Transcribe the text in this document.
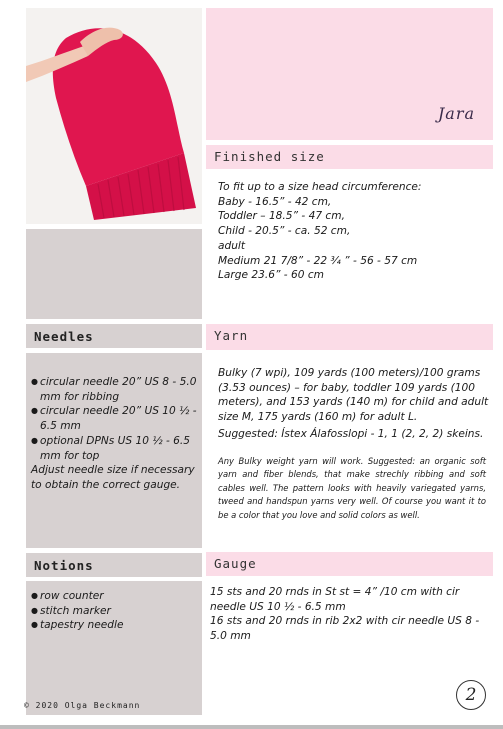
Jara
Finished size
To fit up to a size head circumference:
Baby - 16.5” - 42 cm,
Toddler – 18.5” - 47 cm,
Child - 20.5” - ca. 52 cm,
adult
Medium 21 7/8” - 22 ¾ ” - 56 - 57 cm
Large 23.6” - 60 cm
Needles
● circular needle 20” US 8 - 5.0 mm for ribbing
● circular needle 20” US 10 ½ - 6.5 mm
● optional DPNs US 10 ½ - 6.5 mm for top
Adjust needle size if necessary to obtain the correct gauge.
Yarn
Bulky (7 wpi), 109 yards (100 meters)/100 grams (3.53 ounces) – for baby, toddler 109 yards (100 meters), and 153 yards (140 m) for child and adult size M, 175 yards (160 m) for adult L.
Suggested: Ístex Álafosslopi - 1, 1 (2, 2, 2) skeins.
Any Bulky weight yarn will work. Suggested: an organic soft yarn and fiber blends, that make strechly ribbing and soft cables well. The pattern looks with heavily variegated yarns, tweed and handspun yarns very well. Of course you want it to be a color that you love and solid colors as well.
Notions
● row counter
● stitch marker
● tapestry needle
© 2020 Olga Beckmann
Gauge
15 sts and 20 rnds in St st = 4” /10 cm with cir needle US 10 ½ - 6.5 mm
16 sts and 20 rnds in rib 2x2 with cir needle US 8 - 5.0 mm
2
